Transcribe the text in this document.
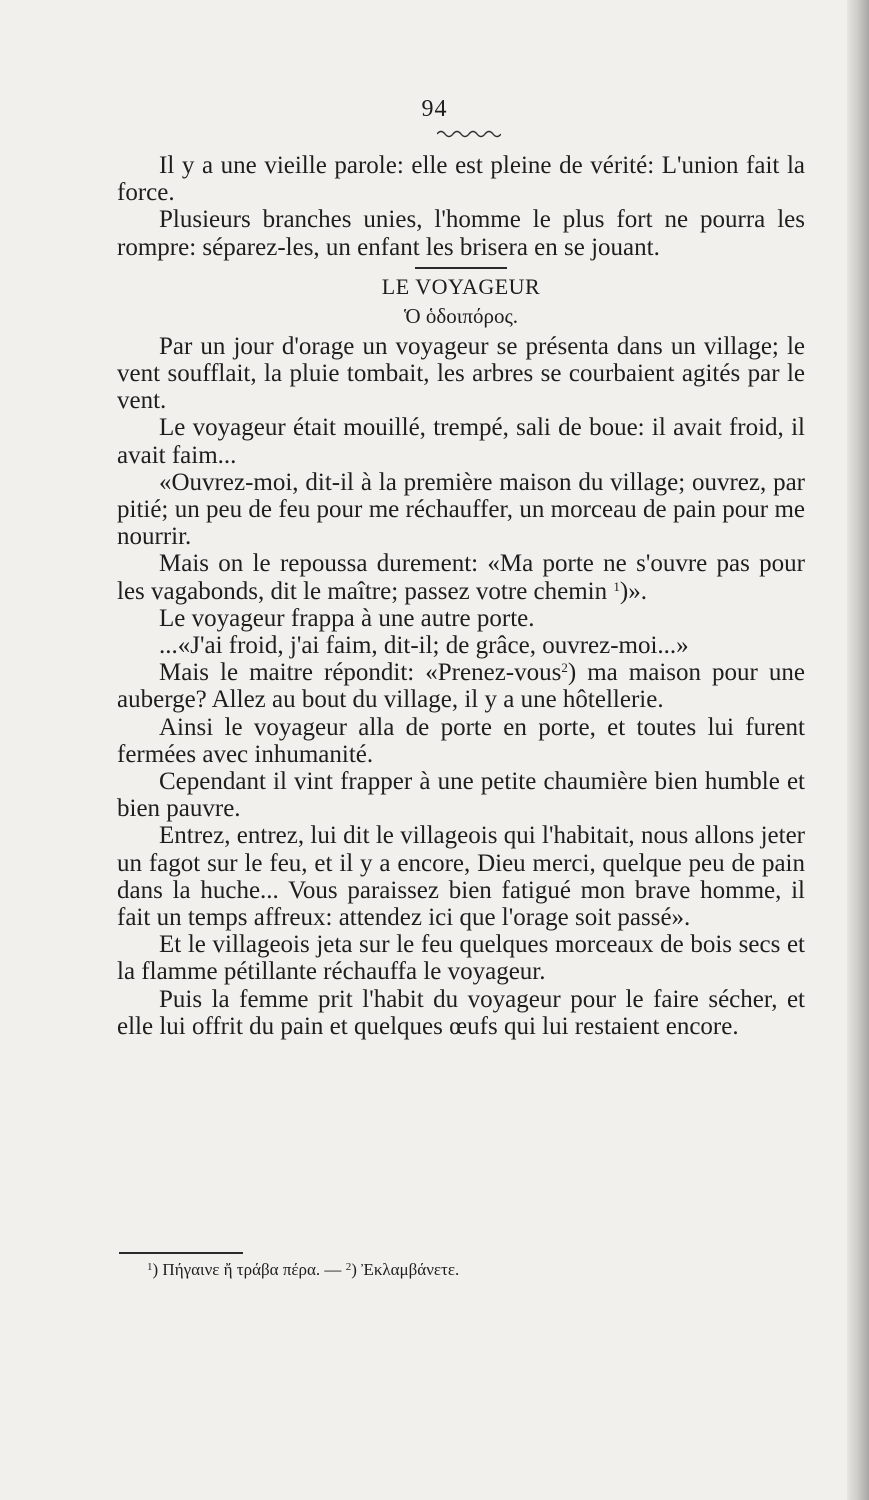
94

Il y a une vieille parole: elle est pleine de vérité: L'union fait la force.

Plusieurs branches unies, l'homme le plus fort ne pourra les rompre: séparez-les, un enfant les brisera en se jouant.

LE VOYAGEUR
Ὁ ὁδοιπόρος.

Par un jour d'orage un voyageur se présenta dans un village; le vent soufflait, la pluie tombait, les arbres se courbaient agités par le vent.

Le voyageur était mouillé, trempé, sali de boue: il avait froid, il avait faim...

«Ouvrez-moi, dit-il à la première maison du village; ouvrez, par pitié; un peu de feu pour me réchauffer, un morceau de pain pour me nourrir.

Mais on le repoussa durement: «Ma porte ne s'ouvre pas pour les vagabonds, dit le maître; passez votre chemin $^1$)».

Le voyageur frappa à une autre porte.

...«J'ai froid, j'ai faim, dit-il; de grâce, ouvrez-moi...»

Mais le maitre répondit: «Prenez-vous$^2$) ma maison pour une auberge? Allez au bout du village, il y a une hôtellerie.

Ainsi le voyageur alla de porte en porte, et toutes lui furent fermées avec inhumanité.

Cependant il vint frapper à une petite chaumière bien humble et bien pauvre.

Entrez, entrez, lui dit le villageois qui l'habitait, nous allons jeter un fagot sur le feu, et il y a encore, Dieu merci, quelque peu de pain dans la huche... Vous paraissez bien fatigué mon brave homme, il fait un temps affreux: attendez ici que l'orage soit passé».

Et le villageois jeta sur le feu quelques morceaux de bois secs et la flamme pétillante réchauffa le voyageur.

Puis la femme prit l'habit du voyageur pour le faire sécher, et elle lui offrit du pain et quelques œufs qui lui restaient encore.

$^1$) Πήγαινε ἤ τράβα πέρα. — $^2$) Ἐκλαμβάνετε.
